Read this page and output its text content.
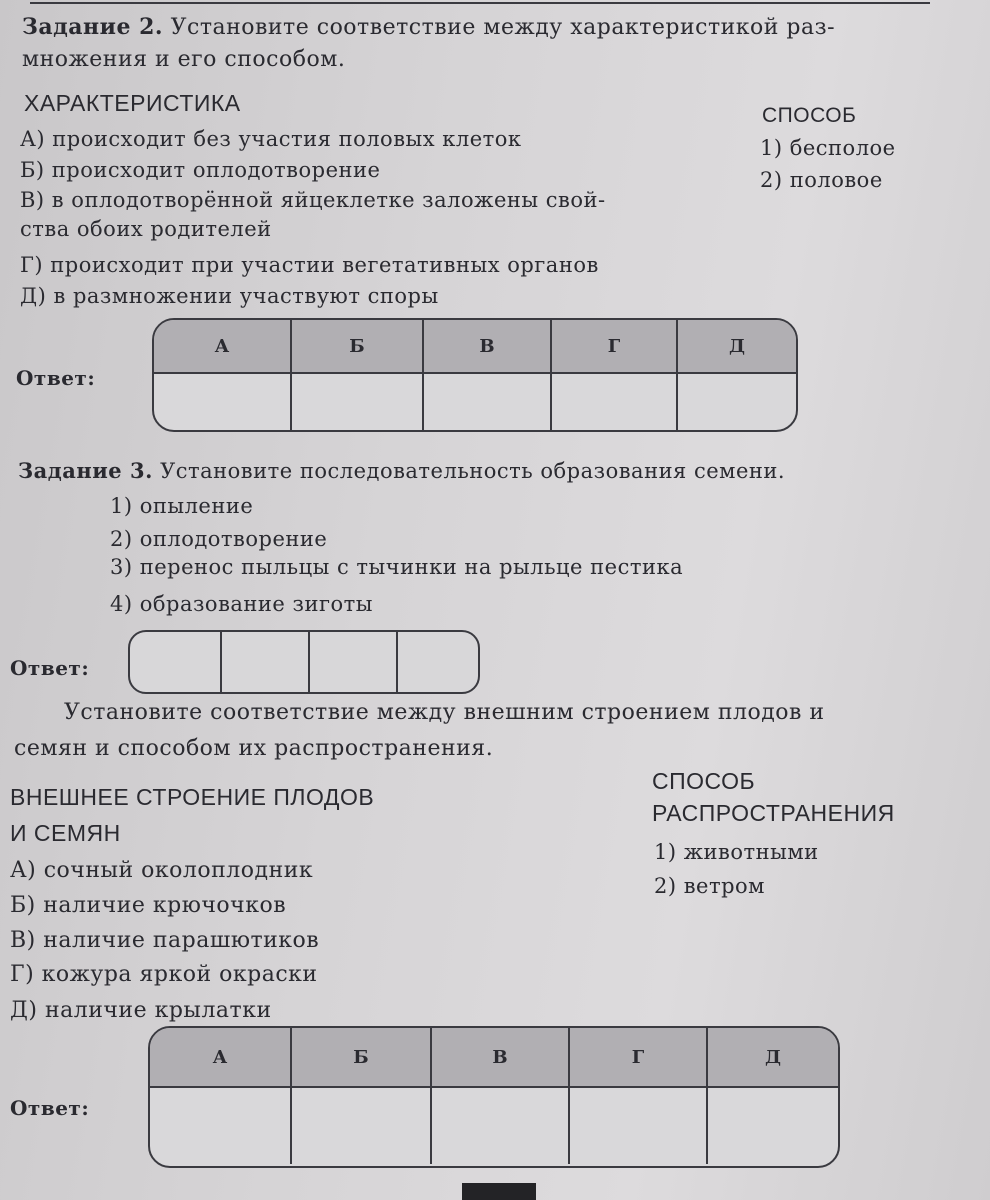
Задание 2. Установите соответствие между характеристикой раз-
множения и его способом.
ХАРАКТЕРИСТИКА	СПОСОБ
А) происходит без участия половых клеток
Б) происходит оплодотворение
В) в оплодотворённой яйцеклетке заложены свой-
ства обоих родителей
Г) происходит при участии вегетативных органов
Д) в размножении участвуют споры
1) бесполое
2) половое
Ответ:
А	Б	В	Г	Д
Задание 3. Установите последовательность образования семени.
1) опыление
2) оплодотворение
3) перенос пыльцы с тычинки на рыльце пестика
4) образование зиготы
Ответ:
Установите соответствие между внешним строением плодов и
семян и способом их распространения.
ВНЕШНЕЕ СТРОЕНИЕ ПЛОДОВ
И СЕМЯН
СПОСОБ
РАСПРОСТРАНЕНИЯ
1) животными
2) ветром
А) сочный околоплодник
Б) наличие крючочков
В) наличие парашютиков
Г) кожура яркой окраски
Д) наличие крылатки
Ответ:
А	Б	В	Г	Д
